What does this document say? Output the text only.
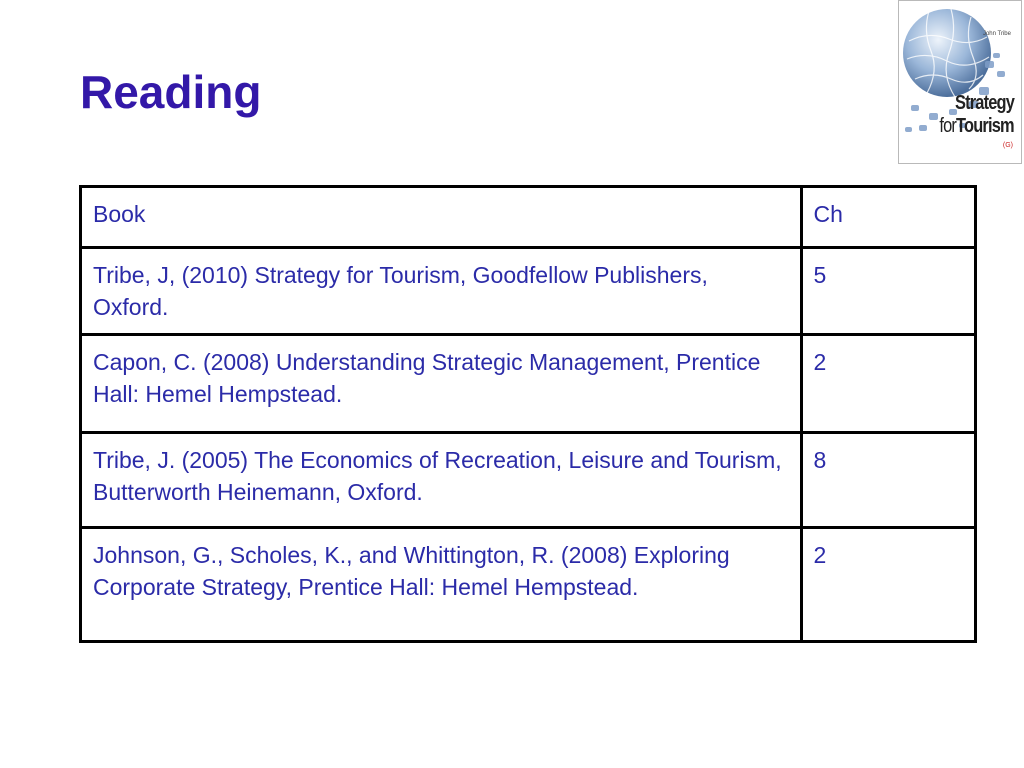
Reading
John Tribe
Strategy
forTourism
(G)
Book	Ch
Tribe, J, (2010) Strategy for Tourism, Goodfellow Publishers, Oxford.	5
Capon, C. (2008) Understanding Strategic Management, Prentice Hall: Hemel Hempstead.	2
Tribe, J. (2005) The Economics of Recreation, Leisure and Tourism, Butterworth Heinemann, Oxford.	8
Johnson, G., Scholes, K., and Whittington, R. (2008) Exploring Corporate Strategy, Prentice Hall: Hemel Hempstead.	2
